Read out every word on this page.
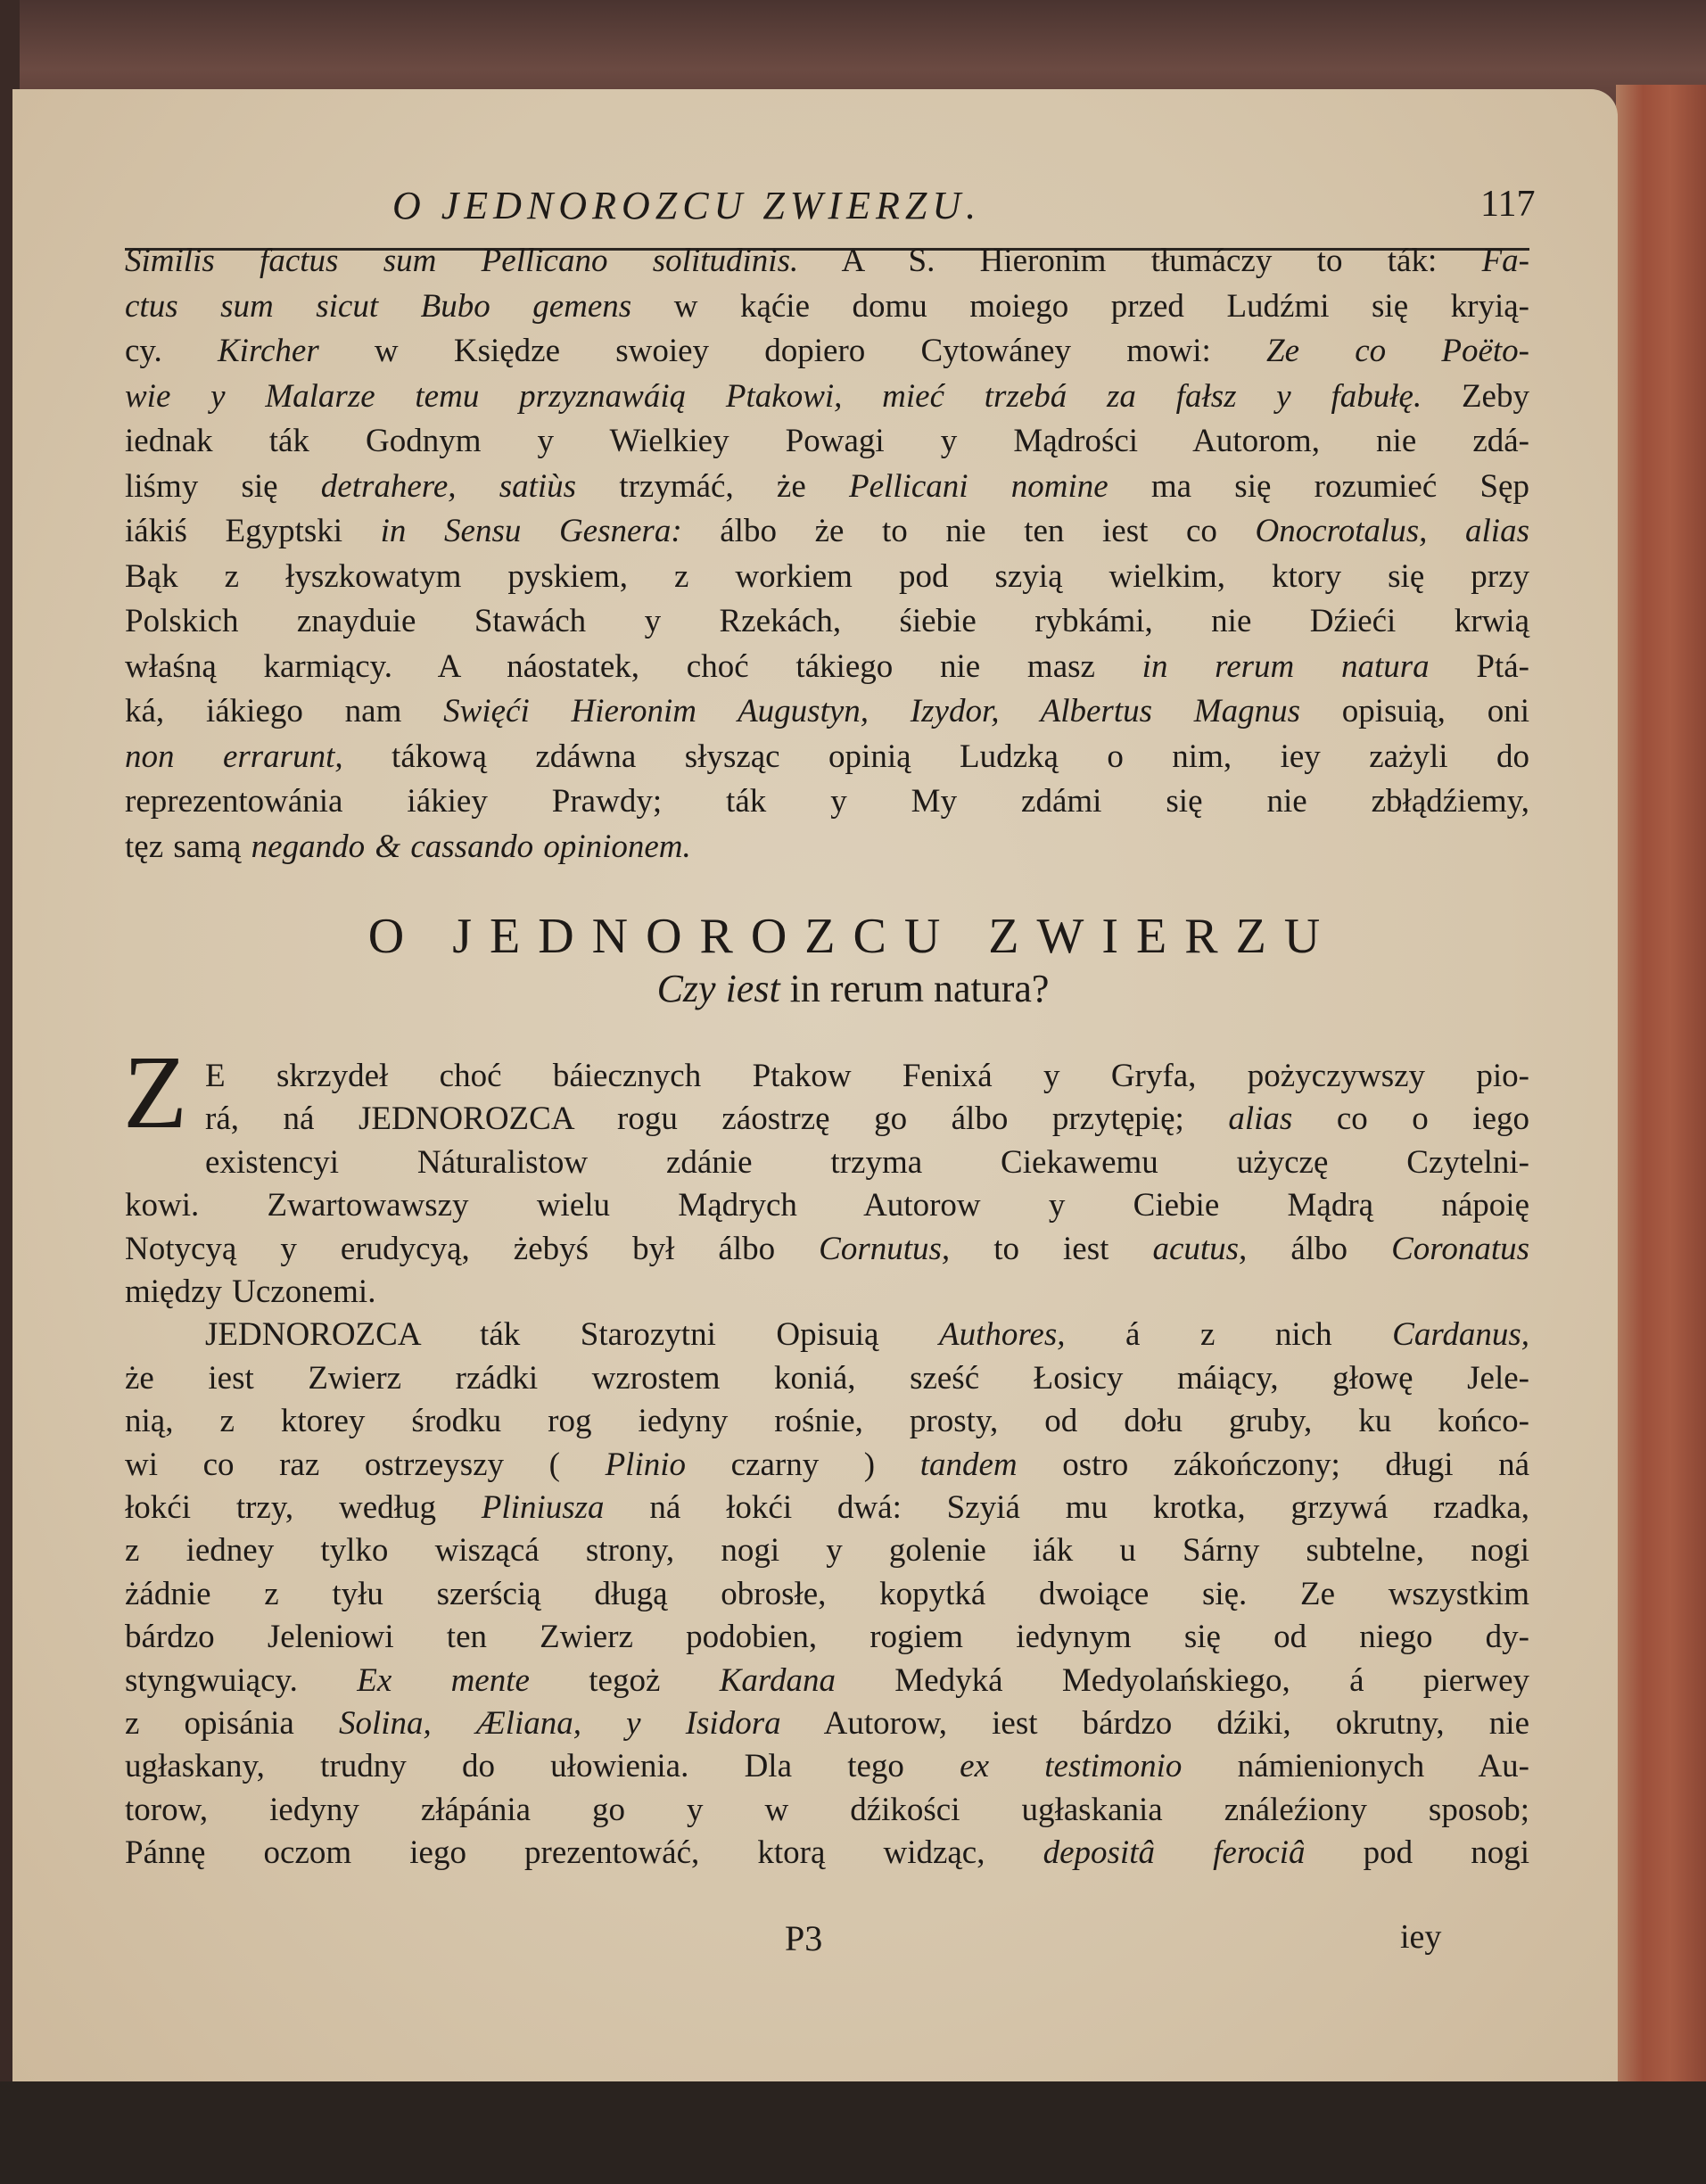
O JEDNOROZCU ZWIERZU.	117
Similis factus sum Pellicano solitudinis. A S. Hieronim tłumáczy to ták: Fa-
ctus sum sicut Bubo gemens w kąćie domu moiego przed Ludźmi się kryią-
cy. Kircher w Księdze swoiey dopiero Cytowáney mowi: Ze co Poëto-
wie y Malarze temu przyznawáią Ptakowi, mieć trzebá za fałsz y fabułę. Zeby
iednak ták Godnym y Wielkiey Powagi y Mądrości Autorom, nie zdá-
liśmy się detrahere, satiùs trzymáć, że Pellicani nomine ma się rozumieć Sęp
iákiś Egyptski in Sensu Gesnera: álbo że to nie ten iest co Onocrotalus, alias
Bąk z łyszkowatym pyskiem, z workiem pod szyią wielkim, ktory się przy
Polskich znayduie Stawách y Rzekách, śiebie rybkámi, nie Dźieći krwią
właśną karmiący. A náostatek, choć tákiego nie masz in rerum natura Ptá-
ká, iákiego nam Swięći Hieronim Augustyn, Izydor, Albertus Magnus opisuią, oni
non errarunt, tákową zdáwna słysząc opinią Ludzką o nim, iey zażyli do
reprezentowánia iákiey Prawdy; ták y My zdámi się nie zbłądźiemy,
tęz samą negando & cassando opinionem.
O JEDNOROZCU ZWIERZU
Czy iest in rerum natura?
Z E skrzydeł choć báiecznych Ptakow Fenixá y Gryfa, pożyczywszy pio-
rá, ná JEDNOROZCA rogu záostrzę go álbo przytępię; alias co o iego
existencyi Náturalistow zdánie trzyma Ciekawemu użyczę Czytelni-
kowi. Zwartowawszy wielu Mądrych Autorow y Ciebie Mądrą nápoię
Notycyą y erudycyą, żebyś był álbo Cornutus, to iest acutus, álbo Coronatus
między Uczonemi.
JEDNOROZCA ták Starozytni Opisuią Authores, á z nich Cardanus,
że iest Zwierz rzádki wzrostem koniá, sześć Łosicy máiący, głowę Jele-
nią, z ktorey środku rog iedyny rośnie, prosty, od dołu gruby, ku końco-
wi co raz ostrzeyszy ( Plinio czarny ) tandem ostro zákończony; długi ná
łokći trzy, według Pliniusza ná łokći dwá: Szyiá mu krotka, grzywá rzadka,
z iedney tylko wiszącá strony, nogi y golenie iák u Sárny subtelne, nogi
żádnie z tyłu szerścią długą obrosłe, kopytká dwoiące się. Ze wszystkim
bárdzo Jeleniowi ten Zwierz podobien, rogiem iedynym się od niego dy-
styngwuiący. Ex mente tegoż Kardana Medyká Medyolańskiego, á pierwey
z opisánia Solina, Æliana, y Isidora Autorow, iest bárdzo dźiki, okrutny, nie
ugłaskany, trudny do ułowienia. Dla tego ex testimonio námienionych Au-
torow, iedyny złápánia go y w dźikości ugłaskania ználeźiony sposob;
Pánnę oczom iego prezentowáć, ktorą widząc, depositâ ferociâ pod nogi
P3	iey
